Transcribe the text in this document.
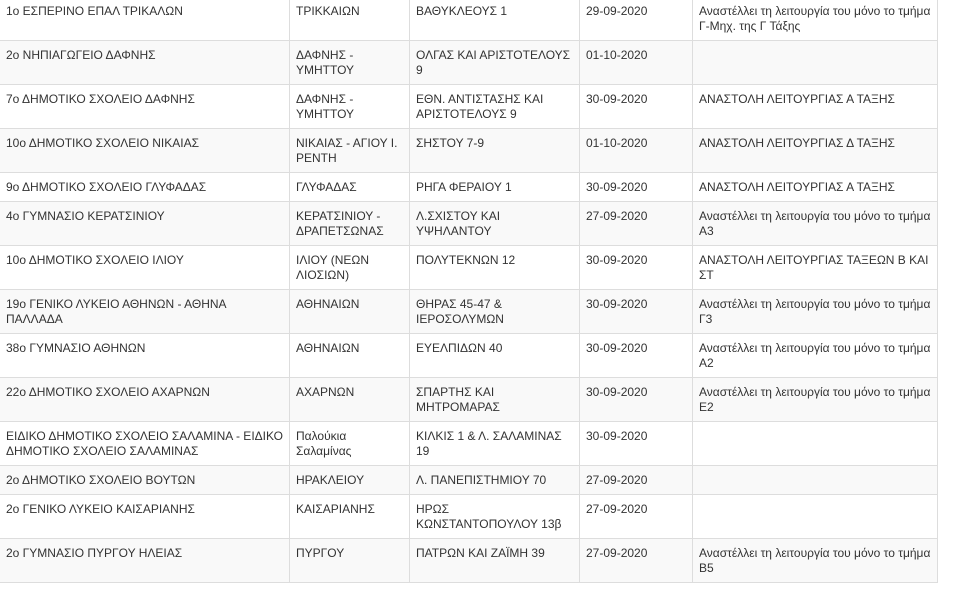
1ο ΕΣΠΕΡΙΝΟ ΕΠΑΛ ΤΡΙΚΑΛΩΝ	ΤΡΙΚΚΑΙΩΝ	ΒΑΘΥΚΛΕΟΥΣ 1	29-09-2020	Αναστέλλει τη λειτουργία του μόνο το τμήμα Γ-Μηχ. της Γ Τάξης
2ο ΝΗΠΙΑΓΩΓΕΙΟ ΔΑΦΝΗΣ	ΔΑΦΝΗΣ - ΥΜΗΤΤΟΥ	ΟΛΓΑΣ ΚΑΙ ΑΡΙΣΤΟΤΕΛΟΥΣ 9	01-10-2020	
7ο ΔΗΜΟΤΙΚΟ ΣΧΟΛΕΙΟ ΔΑΦΝΗΣ	ΔΑΦΝΗΣ - ΥΜΗΤΤΟΥ	ΕΘΝ. ΑΝΤΙΣΤΑΣΗΣ ΚΑΙ ΑΡΙΣΤΟΤΕΛΟΥΣ 9	30-09-2020	ΑΝΑΣΤΟΛΗ ΛΕΙΤΟΥΡΓΙΑΣ Α ΤΑΞΗΣ
10ο ΔΗΜΟΤΙΚΟ ΣΧΟΛΕΙΟ ΝΙΚΑΙΑΣ	ΝΙΚΑΙΑΣ - ΑΓΙΟΥ Ι. ΡΕΝΤΗ	ΣΗΣΤΟΥ 7-9	01-10-2020	ΑΝΑΣΤΟΛΗ ΛΕΙΤΟΥΡΓΙΑΣ Δ ΤΑΞΗΣ
9ο ΔΗΜΟΤΙΚΟ ΣΧΟΛΕΙΟ ΓΛΥΦΑΔΑΣ	ΓΛΥΦΑΔΑΣ	ΡΗΓΑ ΦΕΡΑΙΟΥ 1	30-09-2020	ΑΝΑΣΤΟΛΗ ΛΕΙΤΟΥΡΓΙΑΣ Α ΤΑΞΗΣ
4ο ΓΥΜΝΑΣΙΟ ΚΕΡΑΤΣΙΝΙΟΥ	ΚΕΡΑΤΣΙΝΙΟΥ - ΔΡΑΠΕΤΣΩΝΑΣ	Λ.ΣΧΙΣΤΟΥ ΚΑΙ ΥΨΗΛΑΝΤΟΥ	27-09-2020	Αναστέλλει τη λειτουργία του μόνο το τμήμα Α3
10ο ΔΗΜΟΤΙΚΟ ΣΧΟΛΕΙΟ ΙΛΙΟΥ	ΙΛΙΟΥ (ΝΕΩΝ ΛΙΟΣΙΩΝ)	ΠΟΛΥΤΕΚΝΩΝ 12	30-09-2020	ΑΝΑΣΤΟΛΗ ΛΕΙΤΟΥΡΓΙΑΣ ΤΑΞΕΩΝ Β ΚΑΙ ΣΤ
19ο ΓΕΝΙΚΟ ΛΥΚΕΙΟ ΑΘΗΝΩΝ - ΑΘΗΝΑ ΠΑΛΛΑΔΑ	ΑΘΗΝΑΙΩΝ	ΘΗΡΑΣ 45-47 & ΙΕΡΟΣΟΛΥΜΩΝ	30-09-2020	Αναστέλλει τη λειτουργία του μόνο το τμήμα Γ3
38ο ΓΥΜΝΑΣΙΟ ΑΘΗΝΩΝ	ΑΘΗΝΑΙΩΝ	ΕΥΕΛΠΙΔΩΝ 40	30-09-2020	Αναστέλλει τη λειτουργία του μόνο το τμήμα Α2
22ο ΔΗΜΟΤΙΚΟ ΣΧΟΛΕΙΟ ΑΧΑΡΝΩΝ	ΑΧΑΡΝΩΝ	ΣΠΑΡΤΗΣ ΚΑΙ ΜΗΤΡΟΜΑΡΑΣ	30-09-2020	Αναστέλλει τη λειτουργία του μόνο το τμήμα Ε2
ΕΙΔΙΚΟ ΔΗΜΟΤΙΚΟ ΣΧΟΛΕΙΟ ΣΑΛΑΜΙΝΑ - ΕΙΔΙΚΟ ΔΗΜΟΤΙΚΟ ΣΧΟΛΕΙΟ ΣΑΛΑΜΙΝΑΣ	Παλούκια Σαλαμίνας	ΚΙΛΚΙΣ 1 & Λ. ΣΑΛΑΜΙΝΑΣ 19	30-09-2020	
2ο ΔΗΜΟΤΙΚΟ ΣΧΟΛΕΙΟ ΒΟΥΤΩΝ	ΗΡΑΚΛΕΙΟΥ	Λ. ΠΑΝΕΠΙΣΤΗΜΙΟΥ 70	27-09-2020	
2ο ΓΕΝΙΚΟ ΛΥΚΕΙΟ ΚΑΙΣΑΡΙΑΝΗΣ	ΚΑΙΣΑΡΙΑΝΗΣ	ΗΡΩΣ ΚΩΝΣΤΑΝΤΟΠΟΥΛΟΥ 13β	27-09-2020	
2ο ΓΥΜΝΑΣΙΟ ΠΥΡΓΟΥ ΗΛΕΙΑΣ	ΠΥΡΓΟΥ	ΠΑΤΡΩΝ ΚΑΙ ΖΑΪΜΗ 39	27-09-2020	Αναστέλλει τη λειτουργία του μόνο το τμήμα Β5
